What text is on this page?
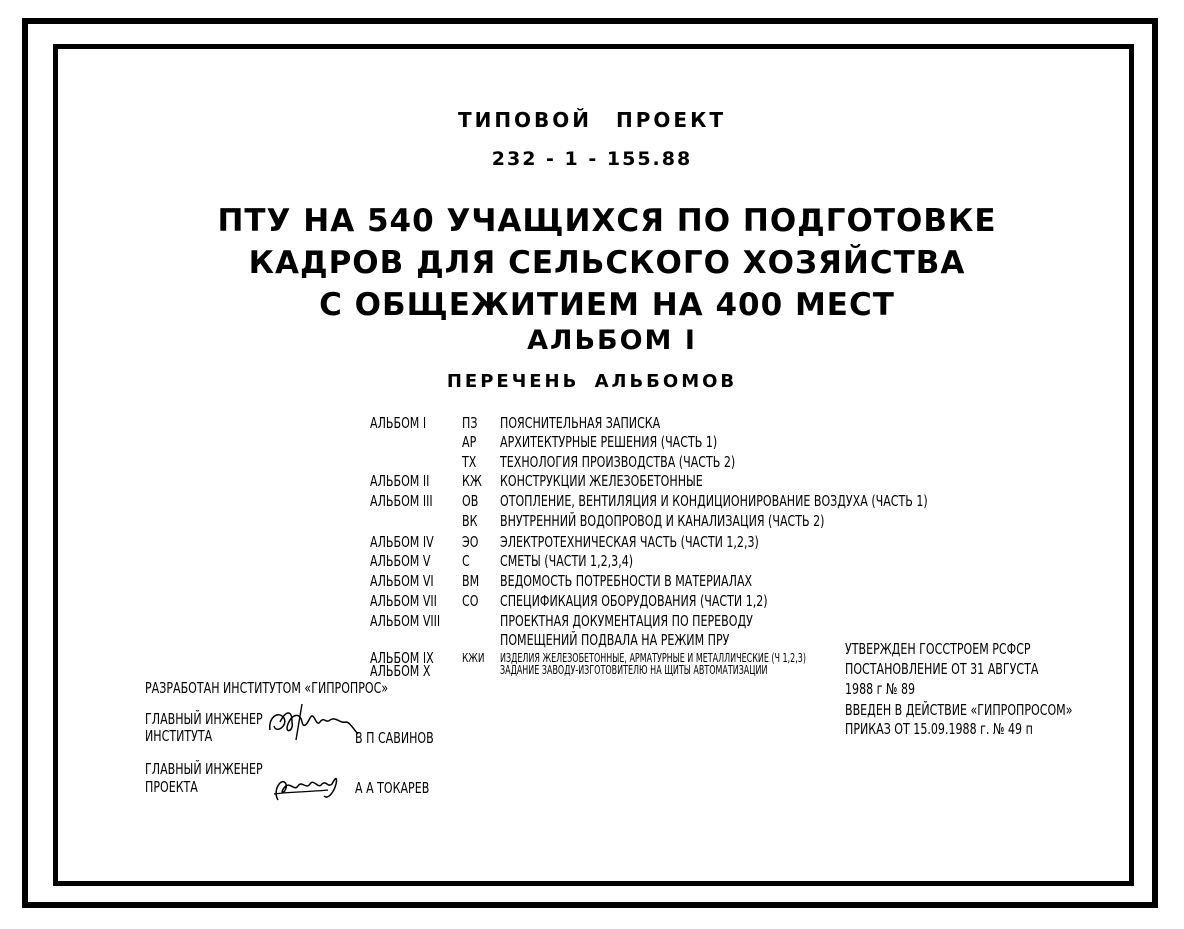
ТИПОВОЙ ПРОЕКТ
232 - 1 - 155.88
ПТУ НА 540 УЧАЩИХСЯ ПО ПОДГОТОВКЕ
КАДРОВ ДЛЯ СЕЛЬСКОГО ХОЗЯЙСТВА
С ОБЩЕЖИТИЕМ НА 400 МЕСТ
АЛЬБОМ I
ПЕРЕЧЕНЬ АЛЬБОМОВ
АЛЬБОМ I ПЗ ПОЯСНИТЕЛЬНАЯ ЗАПИСКА
АР АРХИТЕКТУРНЫЕ РЕШЕНИЯ (ЧАСТЬ 1)
ТХ ТЕХНОЛОГИЯ ПРОИЗВОДСТВА (ЧАСТЬ 2)
АЛЬБОМ II КЖ КОНСТРУКЦИИ ЖЕЛЕЗОБЕТОННЫЕ
АЛЬБОМ III ОВ ОТОПЛЕНИЕ, ВЕНТИЛЯЦИЯ И КОНДИЦИОНИРОВАНИЕ ВОЗДУХА (ЧАСТЬ 1)
ВК ВНУТРЕННИЙ ВОДОПРОВОД И КАНАЛИЗАЦИЯ (ЧАСТЬ 2)
АЛЬБОМ IV ЭО ЭЛЕКТРОТЕХНИЧЕСКАЯ ЧАСТЬ (ЧАСТИ 1,2,3)
АЛЬБОМ V С СМЕТЫ (ЧАСТИ 1,2,3,4)
АЛЬБОМ VI ВМ ВЕДОМОСТЬ ПОТРЕБНОСТИ В МАТЕРИАЛАХ
АЛЬБОМ VII СО СПЕЦИФИКАЦИЯ ОБОРУДОВАНИЯ (ЧАСТИ 1,2)
АЛЬБОМ VIII	ПРОЕКТНАЯ ДОКУМЕНТАЦИЯ ПО ПЕРЕВОДУ
ПОМЕЩЕНИЙ ПОДВАЛА НА РЕЖИМ ПРУ
АЛЬБОМ IX КЖИ ИЗДЕЛИЯ ЖЕЛЕЗОБЕТОННЫЕ, АРМАТУРНЫЕ И МЕТАЛЛИЧЕСКИЕ (Ч 1,2,3)
АЛЬБОМ X	ЗАДАНИЕ ЗАВОДУ-ИЗГОТОВИТЕЛЮ НА ЩИТЫ АВТОМАТИЗАЦИИ
УТВЕРЖДЕН ГОССТРОЕМ РСФСР
ПОСТАНОВЛЕНИЕ ОТ 31 АВГУСТА
1988 г № 89
ВВЕДЕН В ДЕЙСТВИЕ «ГИПРОПРОСОМ»
ПРИКАЗ ОТ 15.09.1988 г. № 49 п
РАЗРАБОТАН ИНСТИТУТОМ «ГИПРОПРОС»
ГЛАВНЫЙ ИНЖЕНЕР
ИНСТИТУТА	В П САВИНОВ
ГЛАВНЫЙ ИНЖЕНЕР
ПРОЕКТА	А А ТОКАРЕВ
